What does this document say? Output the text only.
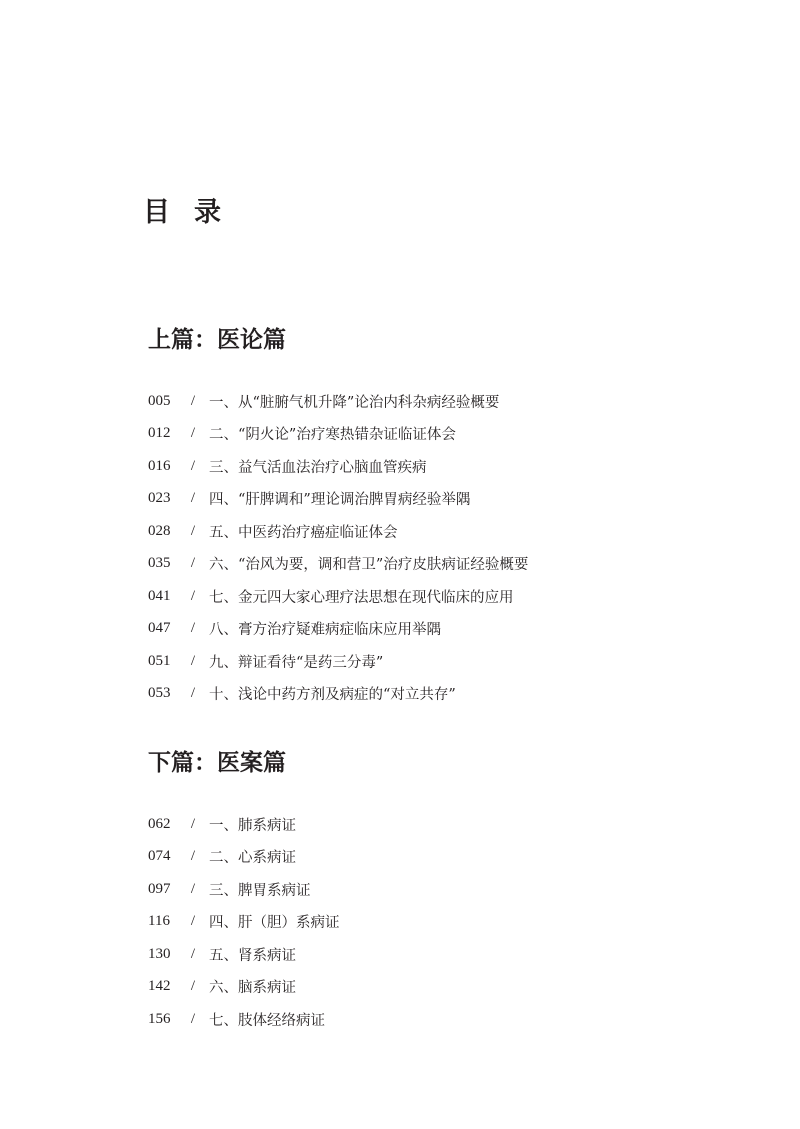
目录
上篇：医论篇
005	/ 一、从“脏腑气机升降”论治内科杂病经验概要
012	/ 二、“阴火论”治疗寒热错杂证临证体会
016	/ 三、益气活血法治疗心脑血管疾病
023	/ 四、“肝脾调和”理论调治脾胃病经验举隅
028	/ 五、中医药治疗癌症临证体会
035	/ 六、“治风为要，调和营卫”治疗皮肤病证经验概要
041	/ 七、金元四大家心理疗法思想在现代临床的应用
047	/ 八、膏方治疗疑难病症临床应用举隅
051	/ 九、辩证看待“是药三分毒”
053	/ 十、浅论中药方剂及病症的“对立共存”
下篇：医案篇
062	/ 一、肺系病证
074	/ 二、心系病证
097	/ 三、脾胃系病证
116	/ 四、肝（胆）系病证
130	/ 五、肾系病证
142	/ 六、脑系病证
156	/ 七、肢体经络病证
